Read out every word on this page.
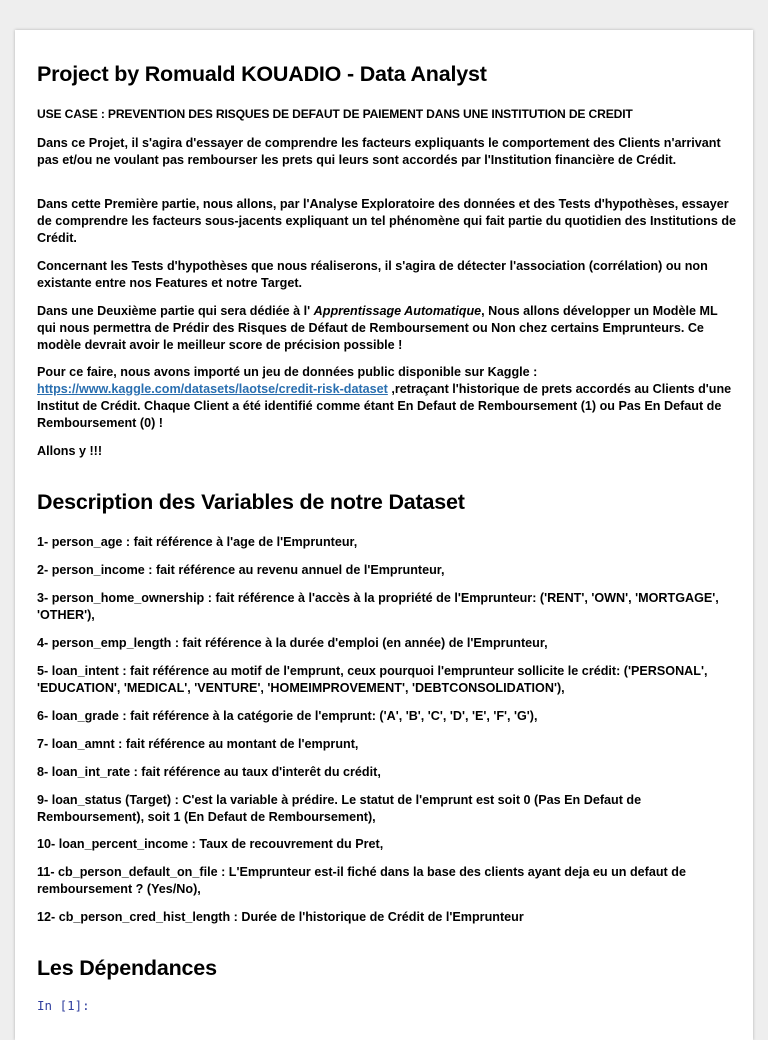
Project by Romuald KOUADIO - Data Analyst

USE CASE : PREVENTION DES RISQUES DE DEFAUT DE PAIEMENT DANS UNE INSTITUTION DE CREDIT

Dans ce Projet, il s'agira d'essayer de comprendre les facteurs expliquants le comportement des Clients n'arrivant pas et/ou ne voulant pas rembourser les prets qui leurs sont accordés par l'Institution financière de Crédit.

Dans cette Première partie, nous allons, par l'Analyse Exploratoire des données et des Tests d'hypothèses, essayer de comprendre les facteurs sous-jacents expliquant un tel phénomène qui fait partie du quotidien des Institutions de Crédit.

Concernant les Tests d'hypothèses que nous réaliserons, il s'agira de détecter l'association (corrélation) ou non existante entre nos Features et notre Target.

Dans une Deuxième partie qui sera dédiée à l' Apprentissage Automatique, Nous allons développer un Modèle ML qui nous permettra de Prédir des Risques de Défaut de Remboursement ou Non chez certains Emprunteurs. Ce modèle devrait avoir le meilleur score de précision possible !

Pour ce faire, nous avons importé un jeu de données public disponible sur Kaggle : https://www.kaggle.com/datasets/laotse/credit-risk-dataset ,retraçant l'historique de prets accordés au Clients d'une Institut de Crédit. Chaque Client a été identifié comme étant En Defaut de Remboursement (1) ou Pas En Defaut de Remboursement (0) !

Allons y !!!

Description des Variables de notre Dataset

1- person_age : fait référence à l'age de l'Emprunteur,

2- person_income : fait référence au revenu annuel de l'Emprunteur,

3- person_home_ownership : fait référence à l'accès à la propriété de l'Emprunteur: ('RENT', 'OWN', 'MORTGAGE', 'OTHER'),

4- person_emp_length : fait référence à la durée d'emploi (en année) de l'Emprunteur,

5- loan_intent : fait référence au motif de l'emprunt, ceux pourquoi l'emprunteur sollicite le crédit: ('PERSONAL', 'EDUCATION', 'MEDICAL', 'VENTURE', 'HOMEIMPROVEMENT', 'DEBTCONSOLIDATION'),

6- loan_grade : fait référence à la catégorie de l'emprunt: ('A', 'B', 'C', 'D', 'E', 'F', 'G'),

7- loan_amnt : fait référence au montant de l'emprunt,

8- loan_int_rate : fait référence au taux d'interêt du crédit,

9- loan_status (Target) : C'est la variable à prédire. Le statut de l'emprunt est soit 0 (Pas En Defaut de Remboursement), soit 1 (En Defaut de Remboursement),

10- loan_percent_income : Taux de recouvrement du Pret,

11- cb_person_default_on_file : L'Emprunteur est-il fiché dans la base des clients ayant deja eu un defaut de remboursement ? (Yes/No),

12- cb_person_cred_hist_length : Durée de l'historique de Crédit de l'Emprunteur

Les Dépendances
In [1]:
